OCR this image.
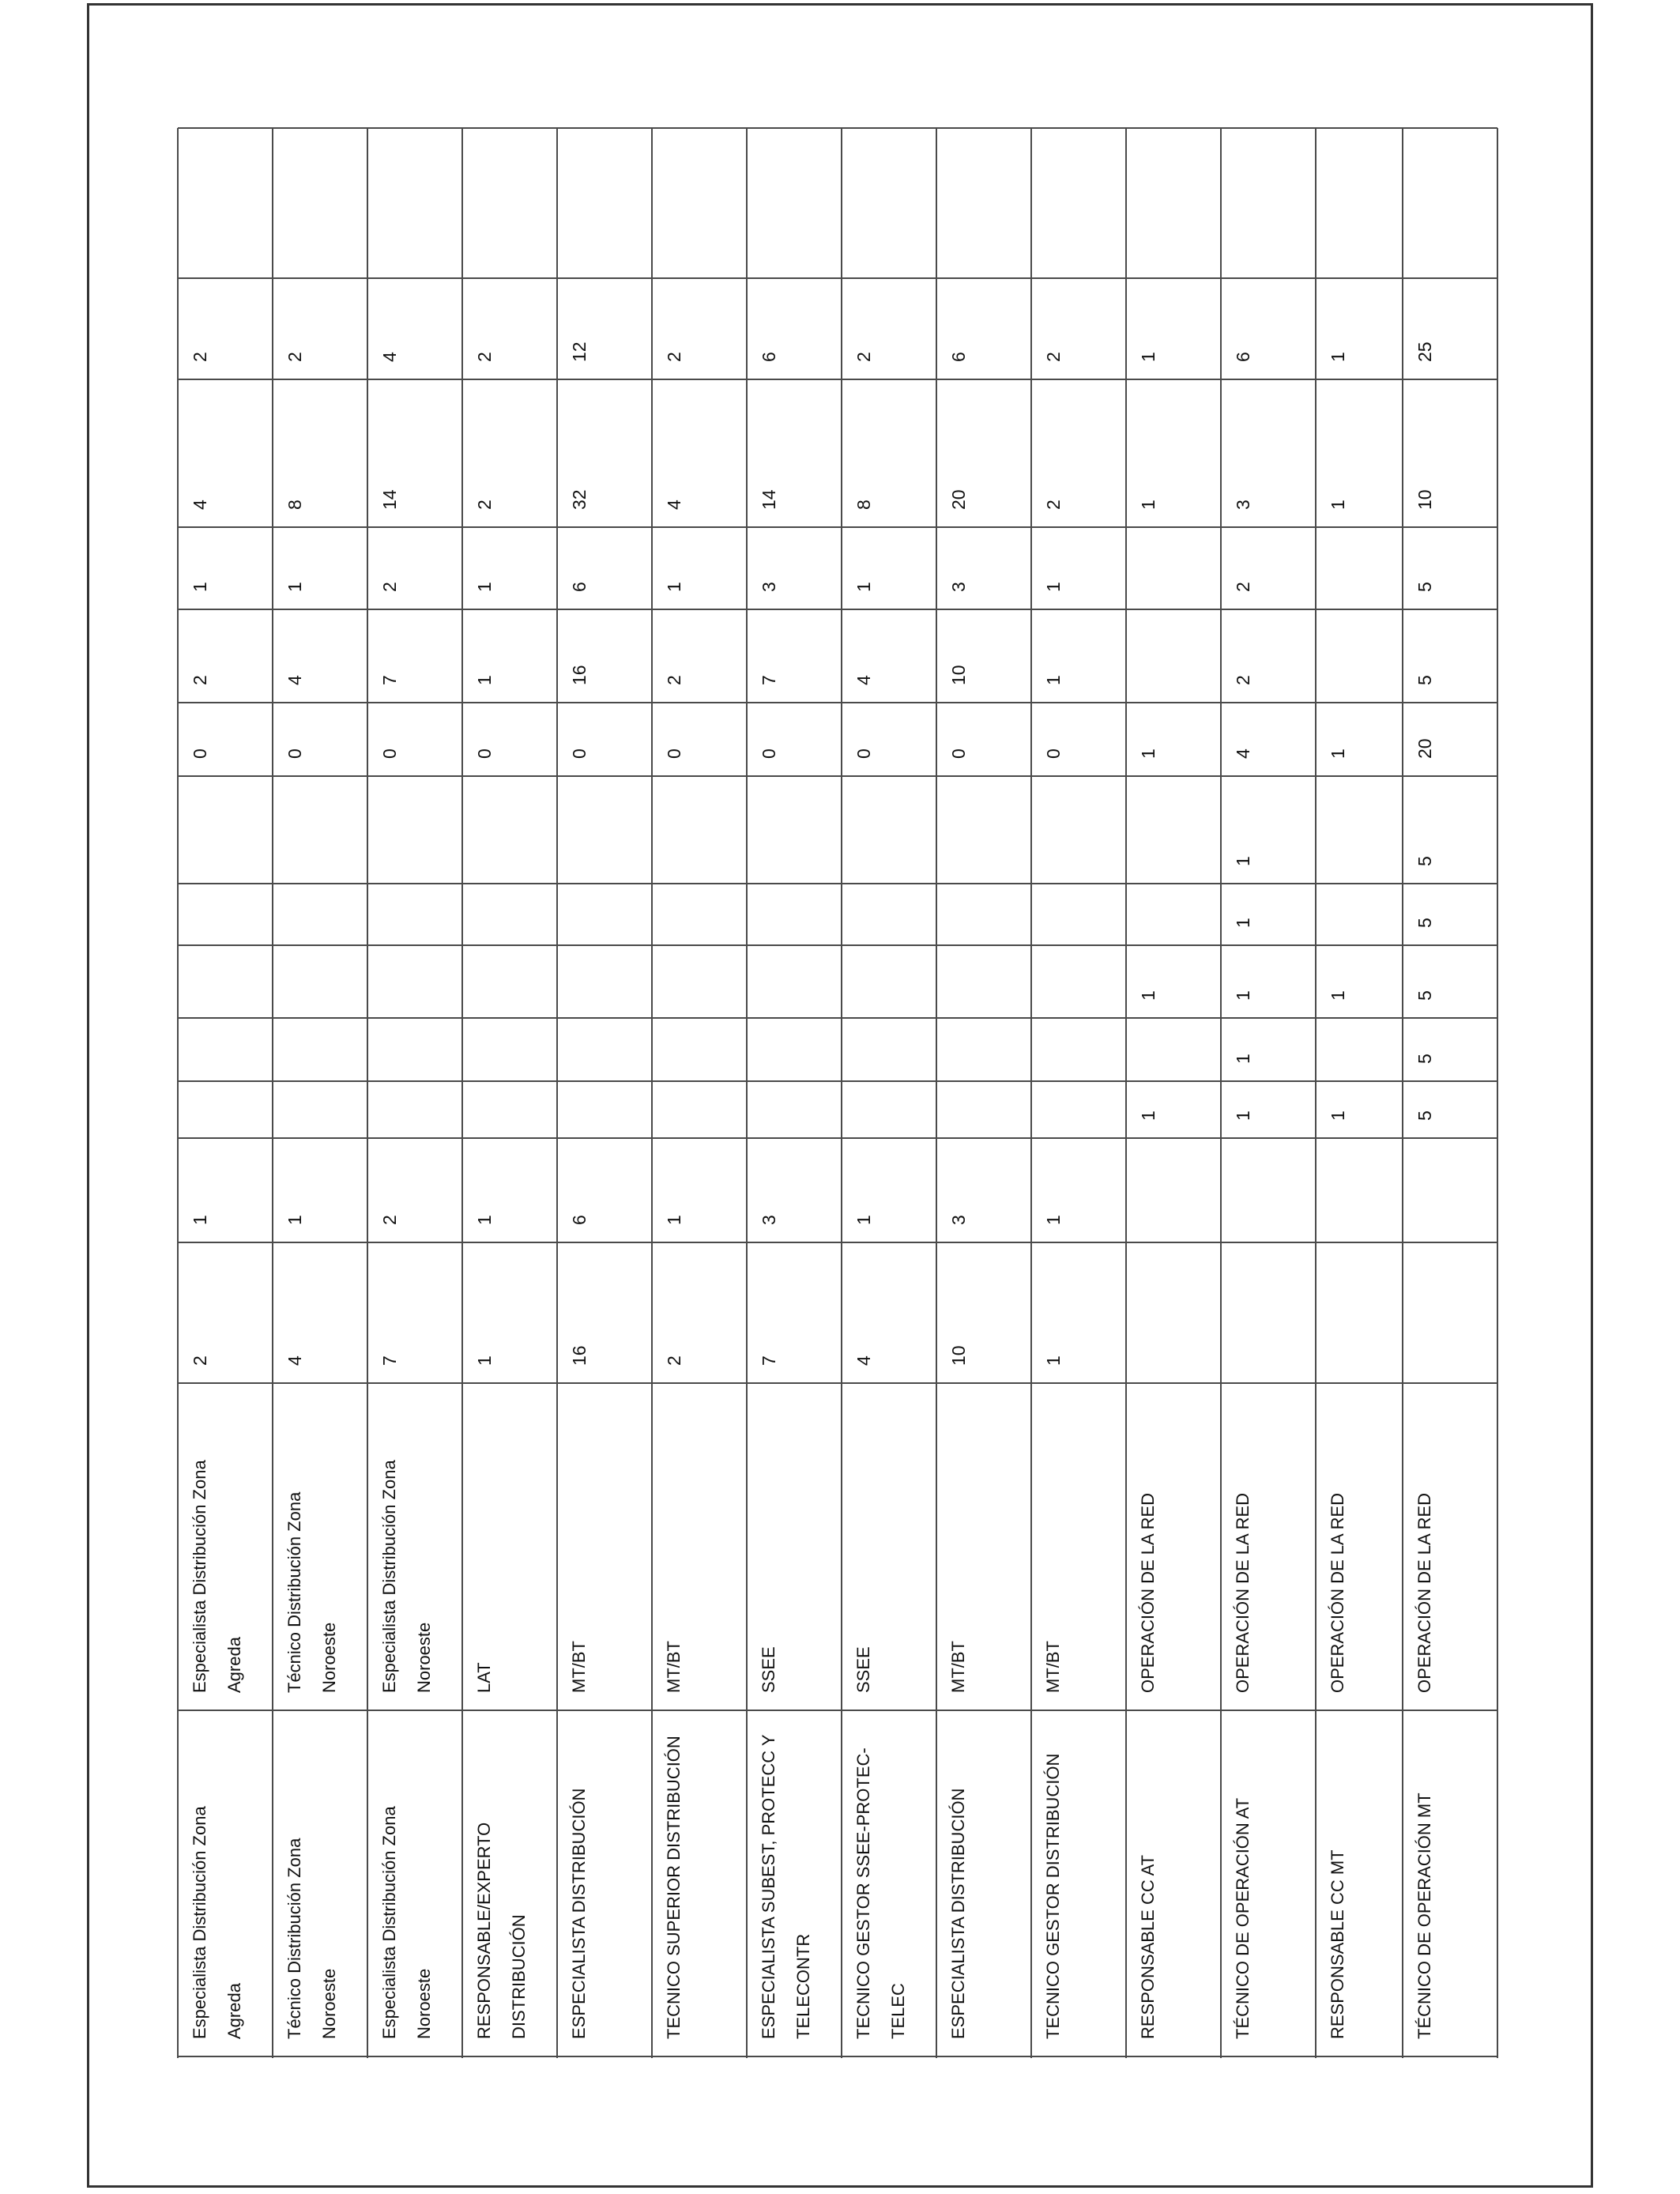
Especialista Distribución Zona Agreda
Especialista Distribución Zona Agreda
2
1
0
2
1
4
2
Técnico Distribución Zona Noroeste
Técnico Distribución Zona Noroeste
4
1
0
4
1
8
2
Especialista Distribución Zona Noroeste
Especialista Distribución Zona Noroeste
7
2
0
7
2
14
4
RESPONSABLE/EXPERTO DISTRIBUCIÓN
LAT
1
1
0
1
1
2
2
ESPECIALISTA DISTRIBUCIÓN
MT/BT
16
6
0
16
6
32
12
TECNICO SUPERIOR DISTRIBUCIÓN
MT/BT
2
1
0
2
1
4
2
ESPECIALISTA SUBEST, PROTECC Y TELECONTR
SSEE
7
3
0
7
3
14
6
TECNICO GESTOR SSEE-PROTEC- TELEC
SSEE
4
1
0
4
1
8
2
ESPECIALISTA DISTRIBUCIÓN
MT/BT
10
3
0
10
3
20
6
TECNICO GESTOR DISTRIBUCIÓN
MT/BT
1
1
0
1
1
2
2
RESPONSABLE CC AT
OPERACIÓN DE LA RED
1
1
1
1
1
TÉCNICO DE OPERACIÓN AT
OPERACIÓN DE LA RED
1
1
1
1
1
4
2
2
3
6
RESPONSABLE CC MT
OPERACIÓN DE LA RED
1
1
1
1
1
TÉCNICO DE OPERACIÓN MT
OPERACIÓN DE LA RED
5
5
5
5
5
20
5
5
10
25
